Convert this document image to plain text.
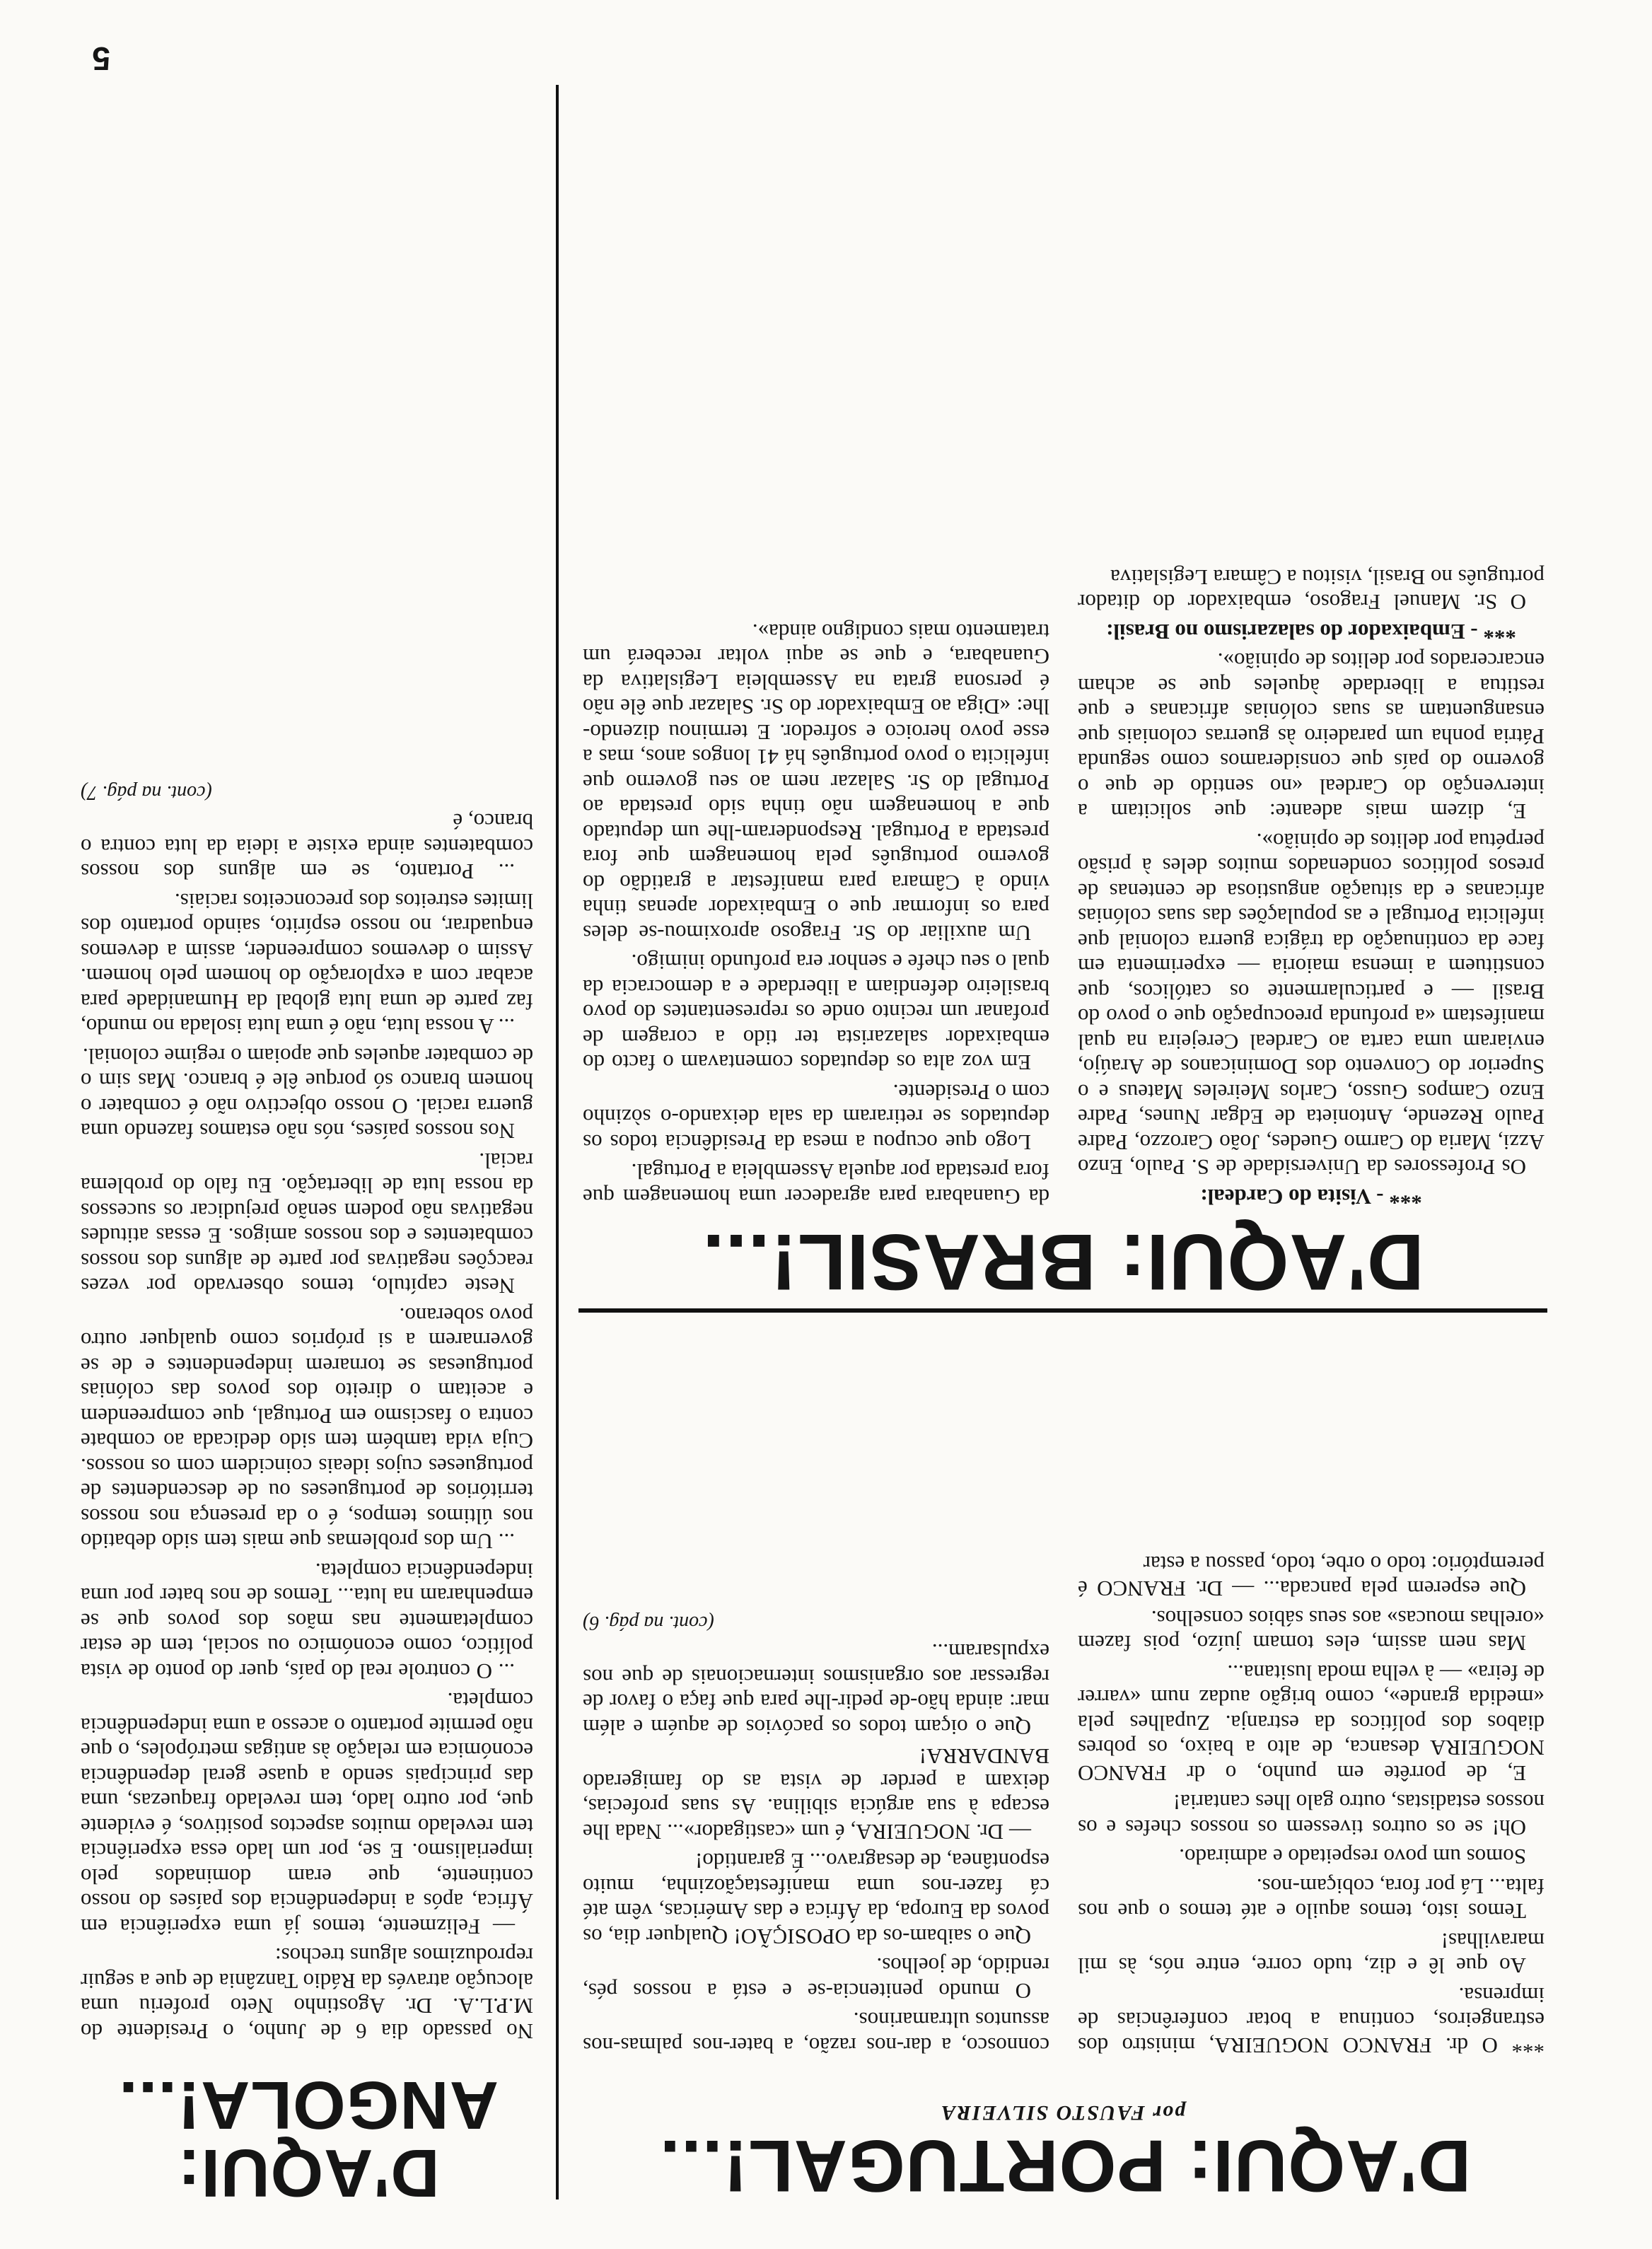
D'AQUI: PORTUGAL!...
por FAUSTO SILVEIRA

*** O dr. FRANCO NOGUEIRA, ministro dos estrangeiros, continua a botar conferências de imprensa.

Ao que lê e diz, tudo corre, entre nós, às mil maravilhas!

Temos isto, temos aquilo e até temos o que nos falta... Lá por fora, cobiçam-nos.

Somos um povo respeitado e admirado.

Oh! se os outros tivessem os nossos chefes e os nossos estadistas, outro galo lhes cantaria!

E, de porrête em punho, o dr FRANCO NOGUEIRA desanca, de alto a baixo, os pobres diabos dos políticos da estranja. Zupalhes pela «medida grande», como brigão audaz num «varrer de feira» — à velha moda lusitana...

Mas nem assim, eles tomam juízo, pois fazem «orelhas moucas» aos seus sábios conselhos.

Que esperem pela pancada... — Dr. FRANCO é peremptório: todo o orbe, todo, passou a estar

connosco, a dar-nos razão, a bater-nos palmas-nos assuntos ultramarinos.

O mundo penitencia-se e está a nossos pés, rendido, de joelhos.

Que o saibam-os da OPOSIÇÃO! Qualquer dia, os povos da Europa, da África e das Américas, vêm até cá fazer-nos uma manifestaçãozinha, muito espontânea, de desagravo... É garantido!

— Dr. NOGUEIRA, é um «castigador»... Nada lhe escapa à sua argúcia sibilina. As suas profecias, deixam a perder de vista as do famigerado BANDARRA!

Que o oiçam todos os pacóvios de aquém e além mar: ainda hão-de pedir-lhe para que faça o favor de regressar aos organismos internacionais de que nos expulsaram...

(cont. na pág. 6)
D'AQUI: BRASIL!...

*** - Visita do Cardeal:

Os Professores da Universidade de S. Paulo, Enzo Azzi, Maria do Carmo Guedes, João Carozzo, Padre Paulo Rezende, Antonieta de Edgar Nunes, Padre Enzo Campos Gusso, Carlos Meireles Mateus e o Superior do Convento dos Dominicanos de Araújo, enviaram uma carta ao Cardeal Cerejeira na qual manifestam «a profunda preocupação que o povo do Brasil — e particularmente os católicos, que constituem a imensa maioria — experimenta em face da continuação da trágica guerra colonial que infelicita Portugal e as populações das suas colónias africanas e da situação angustiosa de centenas de presos políticos condenados muitos deles à prisão perpétua por delitos de opinião».

E, dizem mais adeante: que solicitam a intervenção do Cardeal «no sentido de que o governo do país que consideramos como segunda Pátria ponha um paradeiro às guerras coloniais que ensanguentam as suas colónias africanas e que restitua a liberdade àqueles que se acham encarcerados por delitos de opinião».

*** - Embaixador do salazarismo no Brasil:

O Sr. Manuel Fragoso, embaixador do ditador português no Brasil, visitou a Câmara Legislativa

da Guanabara para agradecer uma homenagem que fora prestada por aquela Assembleia a Portugal.

Logo que ocupou a mesa da Presidência todos os deputados se retiraram da sala deixando-o sòzinho com o Presidente.

Em voz alta os deputados comentavam o facto do embaixador salazarista ter tido a coragem de profanar um recinto onde os representantes do povo brasileiro defendiam a liberdade e a democracia da qual o seu chefe e senhor era profundo inimigo.

Um auxiliar do Sr. Fragoso aproximou-se deles para os informar que o Embaixador apenas tinha vindo à Câmara para manifestar a gratidão do governo português pela homenagem que fora prestada a Portugal. Responderam-lhe um deputado que a homenagem não tinha sido prestada ao Portugal do Sr. Salazar nem ao seu governo que infelicita o povo português há 41 longos anos, mas a esse povo heroico e sofredor. E terminou dizendo-lhe: «Diga ao Embaixador do Sr. Salazar que êle não é persona grata na Assembleia Legislativa da Guanabara, e que se aqui voltar receberá um tratamento mais condigno ainda».

D'AQUI: ANGOLA!...

No passado dia 6 de Junho, o Presidente do M.P.L.A. Dr. Agostinho Neto proferiu uma alocução através da Rádio Tanzânia de que a seguir reproduzimos alguns trechos:

— Felizmente, temos já uma experiência em África, após a independência dos países do nosso continente, que eram dominados pelo imperialismo. E se, por um lado essa experiência tem revelado muitos aspectos positivos, é evidente que, por outro lado, tem revelado fraquezas, uma das principais sendo a quase geral dependência económica em relação às antigas metrópoles, o que não permite portanto o acesso a uma independência completa.

... O controle real do país, quer do ponto de vista político, como económico ou social, tem de estar completamente nas mãos dos povos que se empenharam na luta... Temos de nos bater por uma independência completa.

... Um dos problemas que mais tem sido debatido nos últimos tempos, é o da presença nos nossos territórios de portugueses ou de descendentes de portugueses cujos ideais coincidem com os nossos. Cuja vida também tem sido dedicada ao combate contra o fascismo em Portugal, que compreendem e aceitam o direito dos povos das colónias portuguesas se tornarem independentes e de se governarem a si próprios como qualquer outro povo soberano.

Neste capítulo, temos observado por vezes reacções negativas por parte de alguns dos nossos combatentes e dos nossos amigos. E essas atitudes negativas não podem senão prejudicar os sucessos da nossa luta de libertação. Eu falo do problema racial.

Nos nossos países, nós não estamos fazendo uma guerra racial. O nosso objectivo não é combater o homem branco só porque êle é branco. Mas sim o de combater aqueles que apoiam o regime colonial.

... A nossa luta, não é uma luta isolada no mundo, faz parte de uma luta global da Humanidade para acabar com a exploração do homem pelo homem. Assim o devemos compreender, assim a devemos enquadrar, no nosso espírito, saindo portanto dos limites estreitos dos preconceitos raciais.

... Portanto, se em alguns dos nossos combatentes ainda existe a ideia da luta contra o branco, é

(cont. na pág. 7)
5
